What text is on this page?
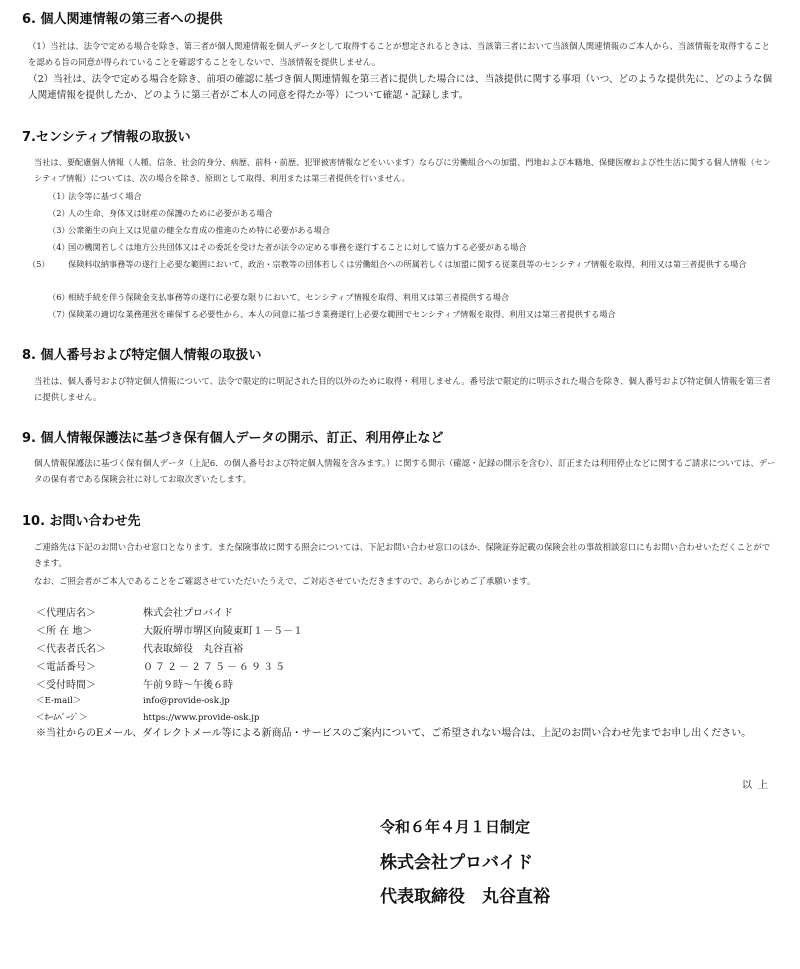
6. 個人関連情報の第三者への提供
（1）当社は、法令で定める場合を除き、第三者が個人関連情報を個人データとして取得することが想定されるときは、当該第三者において当該個人関連情報のご本人から、当該情報を取得することを認める旨の同意が得られていることを確認することをしないで、当該情報を提供しません。
（2）当社は、法令で定める場合を除き、前項の確認に基づき個人関連情報を第三者に提供した場合には、当該提供に関する事項（いつ、どのような提供先に、どのような個人関連情報を提供したか、どのように第三者がご本人の同意を得たか等）について確認・記録します。
7.センシティブ情報の取扱い
当社は、要配慮個人情報（人種、信条、社会的身分、病歴、前科・前歴、犯罪被害情報などをいいます）ならびに労働組合への加盟、門地および本籍地、保健医療および性生活に関する個人情報（センシティブ情報）については、次の場合を除き、原則として取得、利用または第三者提供を行いません。
（1）法令等に基づく場合
（2）人の生命、身体又は財産の保護のために必要がある場合
（3）公衆衛生の向上又は児童の健全な育成の推進のため特に必要がある場合
（4）国の機関若しくは地方公共団体又はその委託を受けた者が法令の定める事務を遂行することに対して協力する必要がある場合
（5） 保険料収納事務等の遂行上必要な範囲において、政治・宗教等の団体若しくは労働組合への所属若しくは加盟に関する従業員等のセンシティブ情報を取得、利用又は第三者提供する場合
（6）相続手続を伴う保険金支払事務等の遂行に必要な限りにおいて、センシティブ情報を取得、利用又は第三者提供する場合
（7）保険業の適切な業務運営を確保する必要性から、本人の同意に基づき業務遂行上必要な範囲でセンシティブ情報を取得、利用又は第三者提供する場合
8. 個人番号および特定個人情報の取扱い
当社は、個人番号および特定個人情報について、法令で限定的に明記された目的以外のために取得・利用しません。番号法で限定的に明示された場合を除き、個人番号および特定個人情報を第三者に提供しません。
9. 個人情報保護法に基づき保有個人データの開示、訂正、利用停止など
個人情報保護法に基づく保有個人データ（上記6．の個人番号および特定個人情報を含みます。）に関する開示（確認・記録の開示を含む）、訂正または利用停止などに関するご請求については、データの保有者である保険会社に対してお取次ぎいたします。
10. お問い合わせ先
ご連絡先は下記のお問い合わせ窓口となります。また保険事故に関する照会については、下記お問い合わせ窓口のほか、保険証券記載の保険会社の事故相談窓口にもお問い合わせいただくことができます。
なお、ご照会者がご本人であることをご確認させていただいたうえで、ご対応させていただきますので、あらかじめご了承願います。
＜代理店名＞	株式会社プロバイド
＜所 在 地＞	大阪府堺市堺区向陵東町１－５－１
＜代表者氏名＞	代表取締役　丸谷直裕
＜電話番号＞	０７２－２７５－６９３５
＜受付時間＞	午前９時～午後６時
＜E-mail＞	info@provide-osk.jp
＜ﾎｰﾑﾍﾟｰｼﾞ＞	https://www.provide-osk.jp
※当社からのEメール、ダイレクトメール等による新商品・サービスのご案内について、ご希望されない場合は、上記のお問い合わせ先までお申し出ください。
以上
令和６年４月１日制定
株式会社プロバイド
代表取締役　丸谷直裕
